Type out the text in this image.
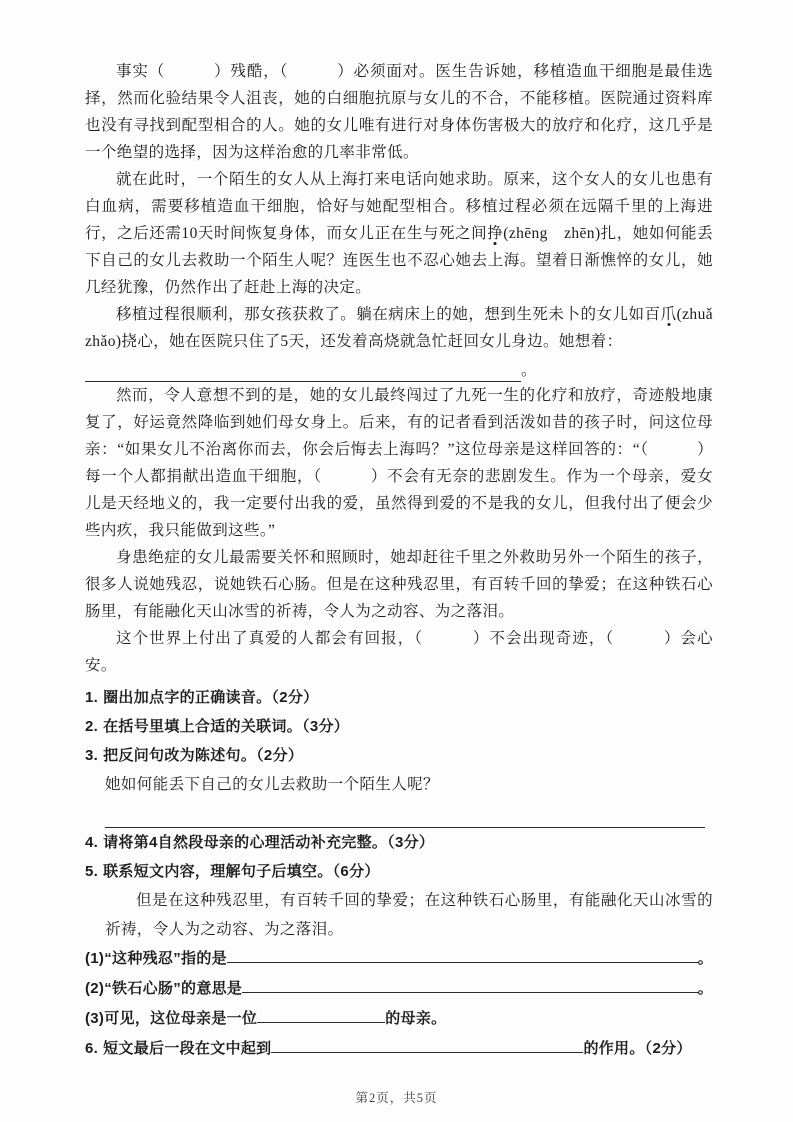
事实（　　　）残酷，（　　　）必须面对。医生告诉她，移植造血干细胞是最佳选择，然而化验结果令人沮丧，她的白细胞抗原与女儿的不合，不能移植。医院通过资料库也没有寻找到配型相合的人。她的女儿唯有进行对身体伤害极大的放疗和化疗，这几乎是一个绝望的选择，因为这样治愈的几率非常低。

就在此时，一个陌生的女人从上海打来电话向她求助。原来，这个女人的女儿也患有白血病，需要移植造血干细胞，恰好与她配型相合。移植过程必须在远隔千里的上海进行，之后还需10天时间恢复身体，而女儿正在生与死之间挣(zhēng　zhēn)扎，她如何能丢下自己的女儿去救助一个陌生人呢？连医生也不忍心她去上海。望着日渐憔悴的女儿，她几经犹豫，仍然作出了赶赴上海的决定。

移植过程很顺利，那女孩获救了。躺在病床上的她，想到生死未卜的女儿如百爪(zhuǎ　zhǎo)挠心，她在医院只住了5天，还发着高烧就急忙赶回女儿身边。她想着：

。

然而，令人意想不到的是，她的女儿最终闯过了九死一生的化疗和放疗，奇迹般地康复了，好运竟然降临到她们母女身上。后来，有的记者看到活泼如昔的孩子时，问这位母亲：“如果女儿不治离你而去，你会后悔去上海吗？”这位母亲是这样回答的：“（　　　）每一个人都捐献出造血干细胞，（　　　）不会有无奈的悲剧发生。作为一个母亲，爱女儿是天经地义的，我一定要付出我的爱，虽然得到爱的不是我的女儿，但我付出了便会少些内疚，我只能做到这些。”

身患绝症的女儿最需要关怀和照顾时，她却赶往千里之外救助另外一个陌生的孩子，很多人说她残忍，说她铁石心肠。但是在这种残忍里，有百转千回的挚爱；在这种铁石心肠里，有能融化天山冰雪的祈祷，令人为之动容、为之落泪。

这个世界上付出了真爱的人都会有回报，（　　　）不会出现奇迹，（　　　）会心安。

1. 圈出加点字的正确读音。（2分）
2. 在括号里填上合适的关联词。（3分）
3. 把反问句改为陈述句。（2分）
她如何能丢下自己的女儿去救助一个陌生人呢？
4. 请将第4自然段母亲的心理活动补充完整。（3分）
5. 联系短文内容，理解句子后填空。（6分）
但是在这种残忍里，有百转千回的挚爱；在这种铁石心肠里，有能融化天山冰雪的祈祷，令人为之动容、为之落泪。
(1)“这种残忍”指的是	。
(2)“铁石心肠”的意思是	。
(3)可见，这位母亲是一位	的母亲。
6. 短文最后一段在文中起到	的作用。（2分）
第2页，共5页
